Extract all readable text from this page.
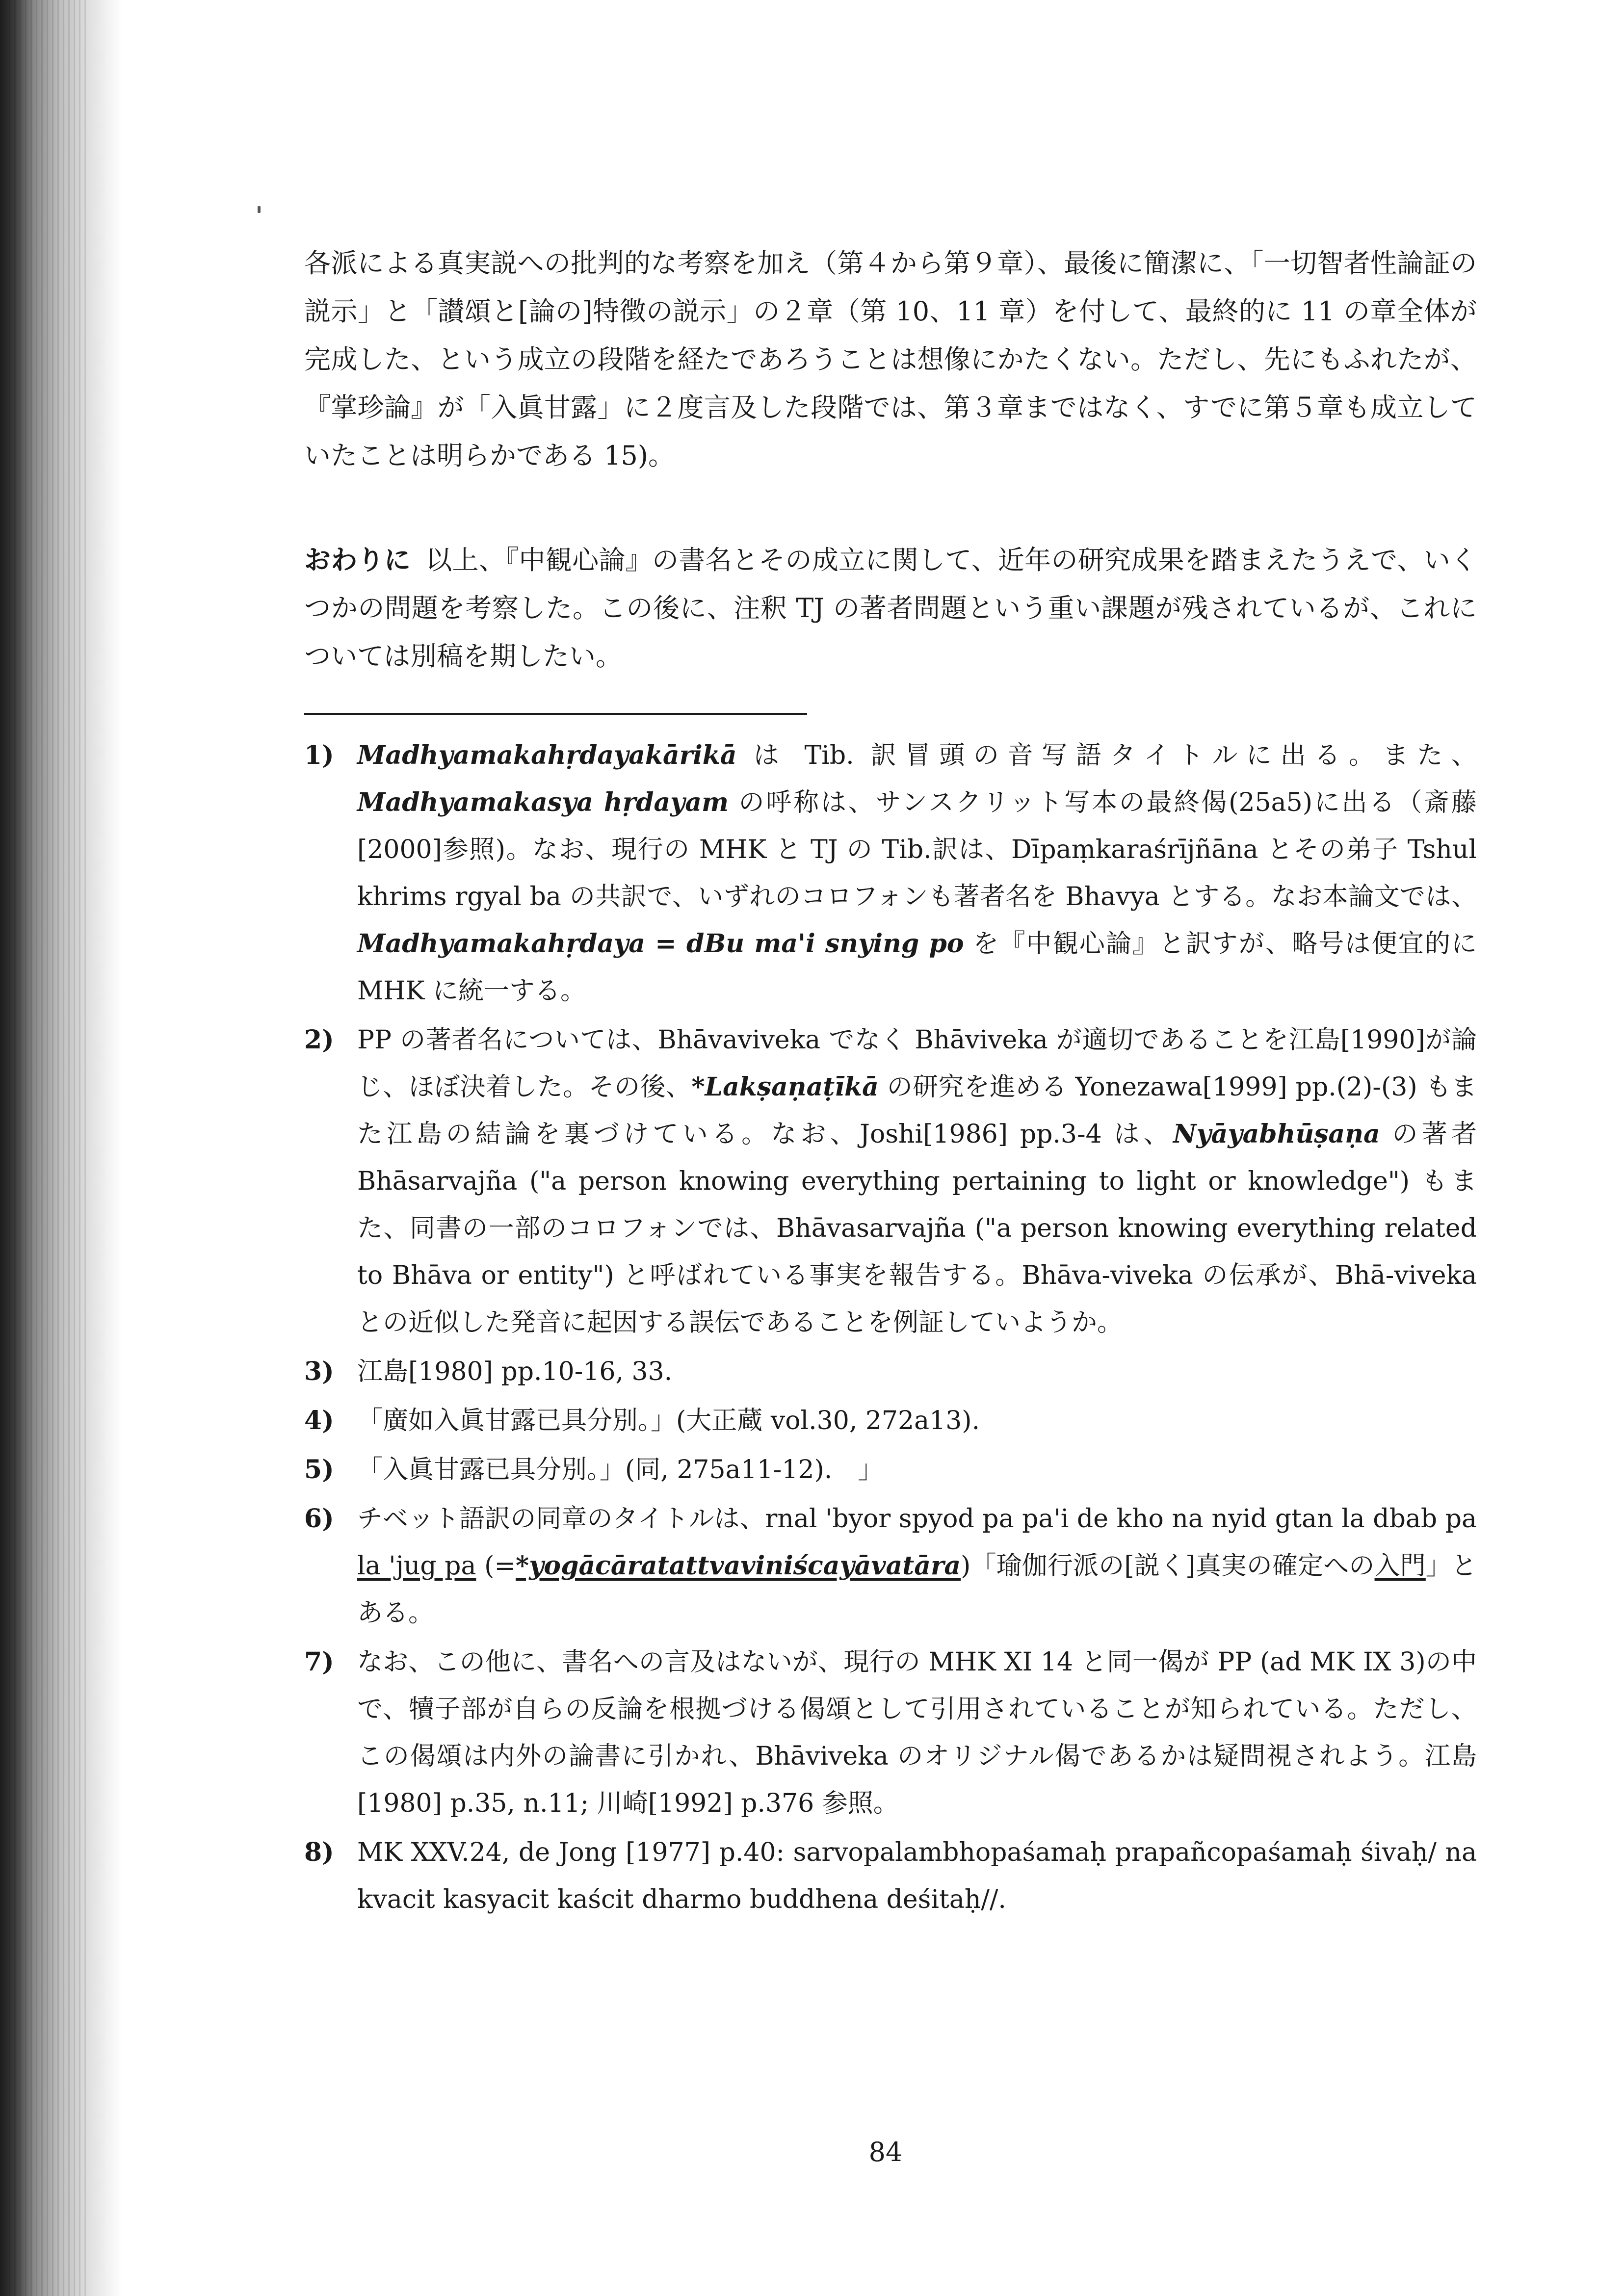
各派による真実説への批判的な考察を加え（第４から第９章）、最後に簡潔に、「一切智者性論証の説示」と「讃頌と[論の]特徴の説示」の２章（第 10、11 章）を付して、最終的に 11 の章全体が完成した、という成立の段階を経たであろうことは想像にかたくない。ただし、先にもふれたが、『掌珍論』が「入眞甘露」に２度言及した段階では、第３章まではなく、すでに第５章も成立していたことは明らかである 15)。
おわりに 以上、『中観心論』の書名とその成立に関して、近年の研究成果を踏まえたうえで、いくつかの問題を考察した。この後に、注釈 TJ の著者問題という重い課題が残されているが、これについては別稿を期したい。
1) Madhyamakahṛdayakārikā は Tib. 訳冒頭の音写語タイトルに出る。また、Madhyamakasya hṛdayam の呼称は、サンスクリット写本の最終偈(25a5)に出る（斎藤[2000]参照)。なお、現行の MHK と TJ の Tib.訳は、Dīpaṃkaraśrījñāna とその弟子 Tshul khrims rgyal ba の共訳で、いずれのコロフォンも著者名を Bhavya とする。なお本論文では、Madhyamakahṛdaya = dBu ma'i snying po を『中観心論』と訳すが、略号は便宜的に MHK に統一する。
2) PP の著者名については、Bhāvaviveka でなく Bhāviveka が適切であることを江島[1990]が論じ、ほぼ決着した。その後、*Lakṣaṇaṭīkā の研究を進める Yonezawa[1999] pp.(2)-(3) もまた江島の結論を裏づけている。なお、Joshi[1986] pp.3-4 は、Nyāyabhūṣaṇa の著者 Bhāsarvajña ("a person knowing everything pertaining to light or knowledge") もまた、同書の一部のコロフォンでは、Bhāvasarvajña ("a person knowing everything related to Bhāva or entity") と呼ばれている事実を報告する。Bhāva-viveka の伝承が、Bhā-viveka との近似した発音に起因する誤伝であることを例証していようか。
3) 江島[1980] pp.10-16, 33.
4) 「廣如入眞甘露已具分別。」(大正蔵 vol.30, 272a13).
5) 「入眞甘露已具分別。」(同, 275a11-12).　」
6) チベット語訳の同章のタイトルは、rnal 'byor spyod pa pa'i de kho na nyid gtan la dbab pa la 'jug pa (=*yogācāratattvaviniścayāvatāra)「瑜伽行派の[説く]真実の確定への入門」とある。
7) なお、この他に、書名への言及はないが、現行の MHK XI 14 と同一偈が PP (ad MK IX 3)の中で、犢子部が自らの反論を根拠づける偈頌として引用されていることが知られている。ただし、この偈頌は内外の論書に引かれ、Bhāviveka のオリジナル偈であるかは疑問視されよう。江島[1980] p.35, n.11; 川崎[1992] p.376 参照。
8) MK XXV.24, de Jong [1977] p.40: sarvopalambhopaśamaḥ prapañcopaśamaḥ śivaḥ/ na kvacit kasyacit kaścit dharmo buddhena deśitaḥ//.
84
